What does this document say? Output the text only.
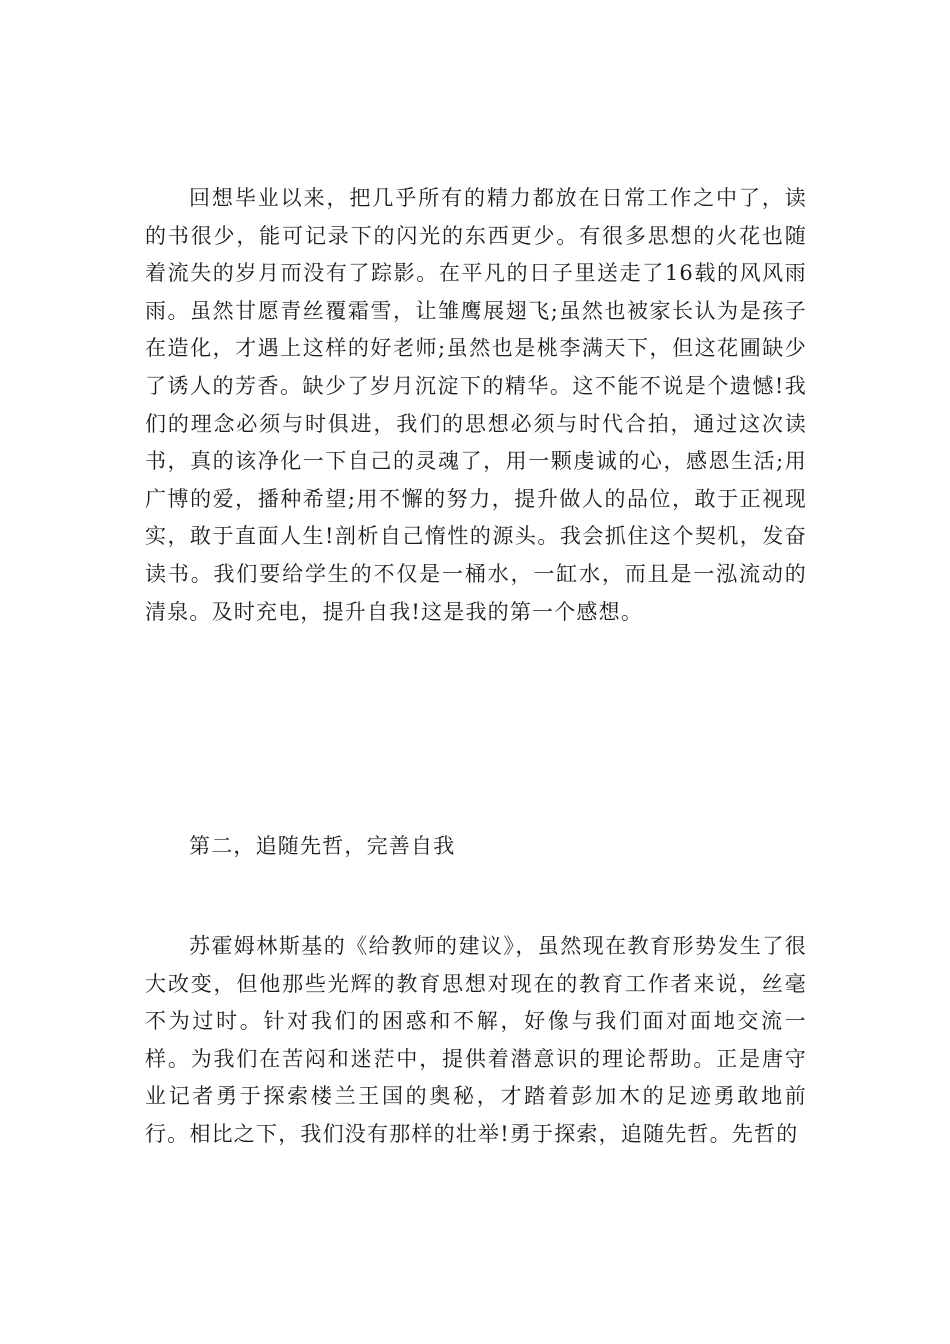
回想毕业以来，把几乎所有的精力都放在日常工作之中了，读的书很少，能可记录下的闪光的东西更少。有很多思想的火花也随着流失的岁月而没有了踪影。在平凡的日子里送走了16载的风风雨雨。虽然甘愿青丝覆霜雪，让雏鹰展翅飞;虽然也被家长认为是孩子在造化，才遇上这样的好老师;虽然也是桃李满天下，但这花圃缺少了诱人的芳香。缺少了岁月沉淀下的精华。这不能不说是个遗憾!我们的理念必须与时俱进，我们的思想必须与时代合拍，通过这次读书，真的该净化一下自己的灵魂了，用一颗虔诚的心，感恩生活;用广博的爱，播种希望;用不懈的努力，提升做人的品位，敢于正视现实，敢于直面人生!剖析自己惰性的源头。我会抓住这个契机，发奋读书。我们要给学生的不仅是一桶水，一缸水，而且是一泓流动的清泉。及时充电，提升自我!这是我的第一个感想。

第二，追随先哲，完善自我

苏霍姆林斯基的《给教师的建议》，虽然现在教育形势发生了很大改变，但他那些光辉的教育思想对现在的教育工作者来说，丝毫不为过时。针对我们的困惑和不解，好像与我们面对面地交流一样。为我们在苦闷和迷茫中，提供着潜意识的理论帮助。正是唐守业记者勇于探索楼兰王国的奥秘，才踏着彭加木的足迹勇敢地前行。相比之下，我们没有那样的壮举!勇于探索，追随先哲。先哲的
